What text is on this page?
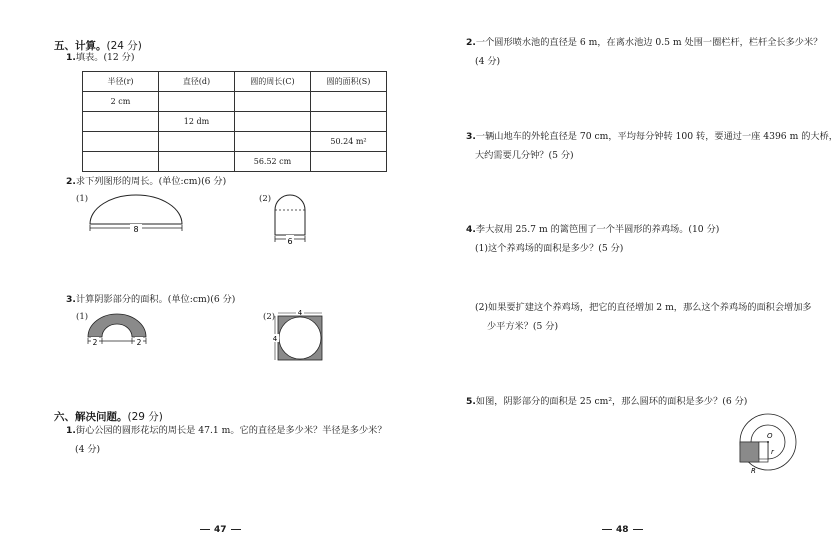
五、计算。(24 分)
1.填表。(12 分)
半径(r)	直径(d)	圆的周长(C)	圆的面积(S)
2 cm			
	12 dm		
			50.24 m²
		56.52 cm	
2.求下列图形的周长。(单位:cm)(6 分)
(1)
8
(2)
6
3.计算阴影部分的面积。(单位:cm)(6 分)
(1)
2	2
(2)	4
4
六、解决问题。(29 分)
1.街心公园的圆形花坛的周长是 47.1 m。它的直径是多少米？半径是多少米？
(4 分)
47
2.一个圆形喷水池的直径是 6 m，在离水池边 0.5 m 处围一圈栏杆，栏杆全长多少米？
(4 分)
3.一辆山地车的外轮直径是 70 cm，平均每分钟转 100 转，要通过一座 4396 m 的大桥，
大约需要几分钟？(5 分)
4.李大叔用 25.7 m 的篱笆围了一个半圆形的养鸡场。(10 分)
(1)这个养鸡场的面积是多少？(5 分)
(2)如果要扩建这个养鸡场，把它的直径增加 2 m，那么这个养鸡场的面积会增加多
少平方米？(5 分)
5.如图，阴影部分的面积是 25 cm²，那么圆环的面积是多少？(6 分)
O
r
R
48
